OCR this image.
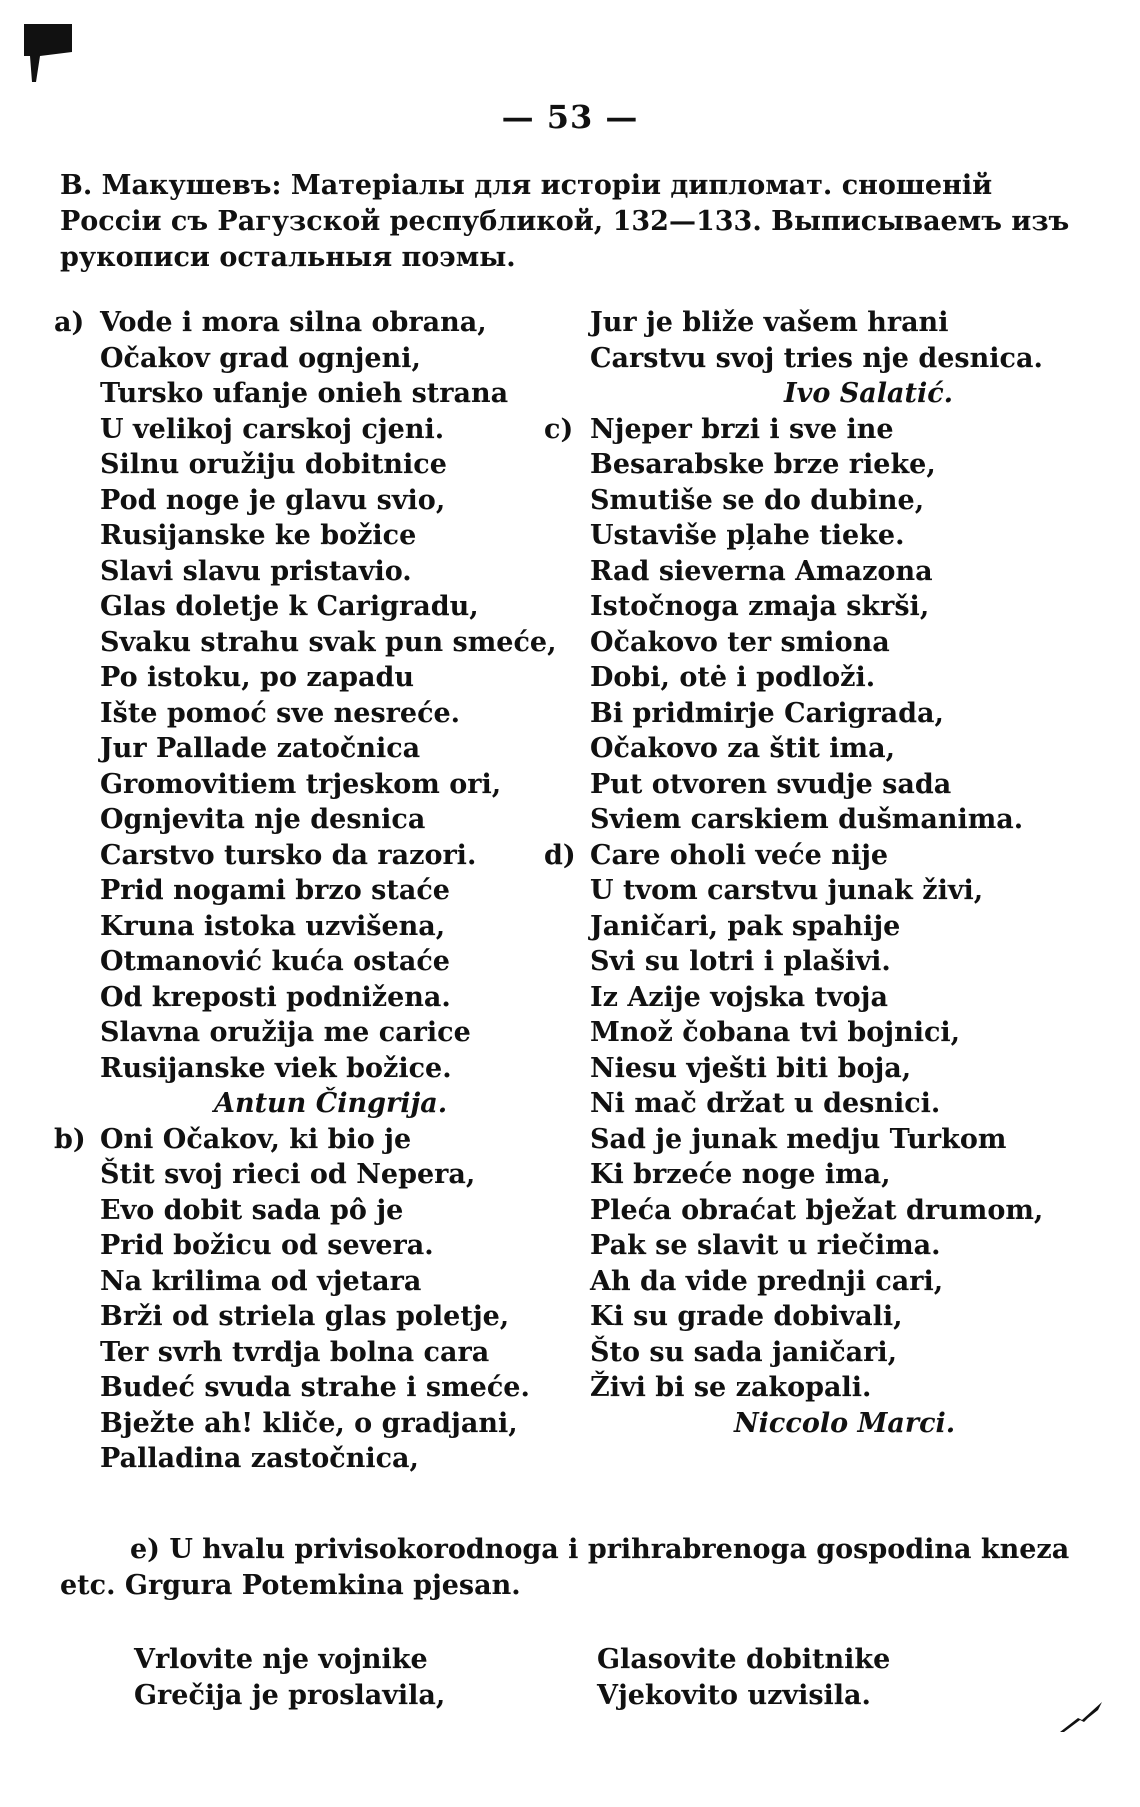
— 53 —
В. Макушевъ: Матеріалы для исторіи дипломат. сношеній Россіи съ Рагузской республикой, 132—133. Выписываемъ изъ рукописи остальныя поэмы.
a) Vode i mora silna obrana,
Očakov grad ognjeni,
Tursko ufanje onieh strana
U velikoj carskoj cjeni.
Silnu oružiju dobitnice
Pod noge je glavu svio,
Rusijanske ke božice
Slavi slavu pristavio.
Glas doletje k Carigradu,
Svaku strahu svak pun smeće,
Po istoku, po zapadu
Ište pomoć sve nesreće.
Jur Pallade zatočnica
Gromovitiem trjeskom ori,
Ognjevita nje desnica
Carstvo tursko da razori.
Prid nogami brzo staće
Kruna istoka uzvišena,
Otmanović kuća ostaće
Od kreposti podnižena.
Slavna oružija me carice
Rusijanske viek božice.
Antun Čingrija.
b) Oni Očakov, ki bio je
Štit svoj rieci od Nepera,
Evo dobit sada pô je
Prid božicu od severa.
Na krilima od vjetara
Brži od striela glas poletje,
Ter svrh tvrdja bolna cara
Budeć svuda strahe i smeće.
Bježte ah! kliče, o gradjani,
Palladina zastočnica,
Jur je bliže vašem hrani
Carstvu svoj tries nje desnica.
Ivo Salatić.
c) Njeper brzi i sve ine
Besarabske brze rieke,
Smutiše se do dubine,
Ustaviše pļahe tieke.
Rad sieverna Amazona
Istočnoga zmaja skrši,
Očakovo ter smiona
Dobi, otė i podloži.
Bi pridmirje Carigrada,
Očakovo za štit ima,
Put otvoren svudje sada
Sviem carskiem dušmanima.
d) Care oholi veće nije
U tvom carstvu junak živi,
Janičari, pak spahije
Svi su lotri i plašivi.
Iz Azije vojska tvoja
Množ čobana tvi bojnici,
Niesu vješti biti boja,
Ni mač držat u desnici.
Sad je junak medju Turkom
Ki brzeće noge ima,
Pleća obraćat bježat drumom,
Pak se slavit u riečima.
Ah da vide prednji cari,
Ki su grade dobivali,
Što su sada janičari,
Živi bi se zakopali.
Niccolo Marci.
e) U hvalu privisokorodnoga i prihrabrenoga gospodina kneza
etc. Grgura Potemkina pjesan.
Vrlovite nje vojnike
Grečija je proslavila,
Glasovite dobitnike
Vjekovito uzvisila.
